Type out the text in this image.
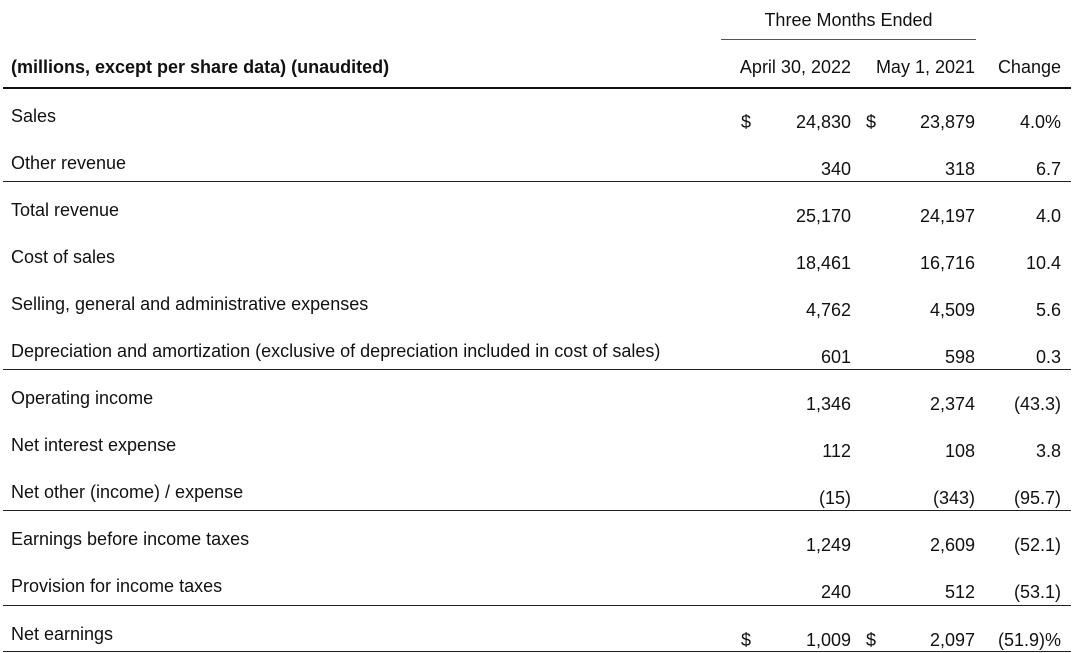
Three Months Ended
(millions, except per share data) (unaudited)	April 30, 2022 May 1, 2021 Change
Sales	$ 24,830 $ 23,879 4.0%
Other revenue	340	318	6.7
Total revenue	25,170	24,197	4.0
Cost of sales	18,461	16,716	10.4
Selling, general and administrative expenses	4,762	4,509	5.6
Depreciation and amortization (exclusive of depreciation included in cost of sales)	601	598	0.3
Operating income	1,346	2,374 (43.3)
Net interest expense	112	108	3.8
Net other (income) / expense	(15)	(343) (95.7)
Earnings before income taxes	1,249	2,609 (52.1)
Provision for income taxes	240	512 (53.1)
Net earnings	$	1,009 $	2,097 (51.9)%
